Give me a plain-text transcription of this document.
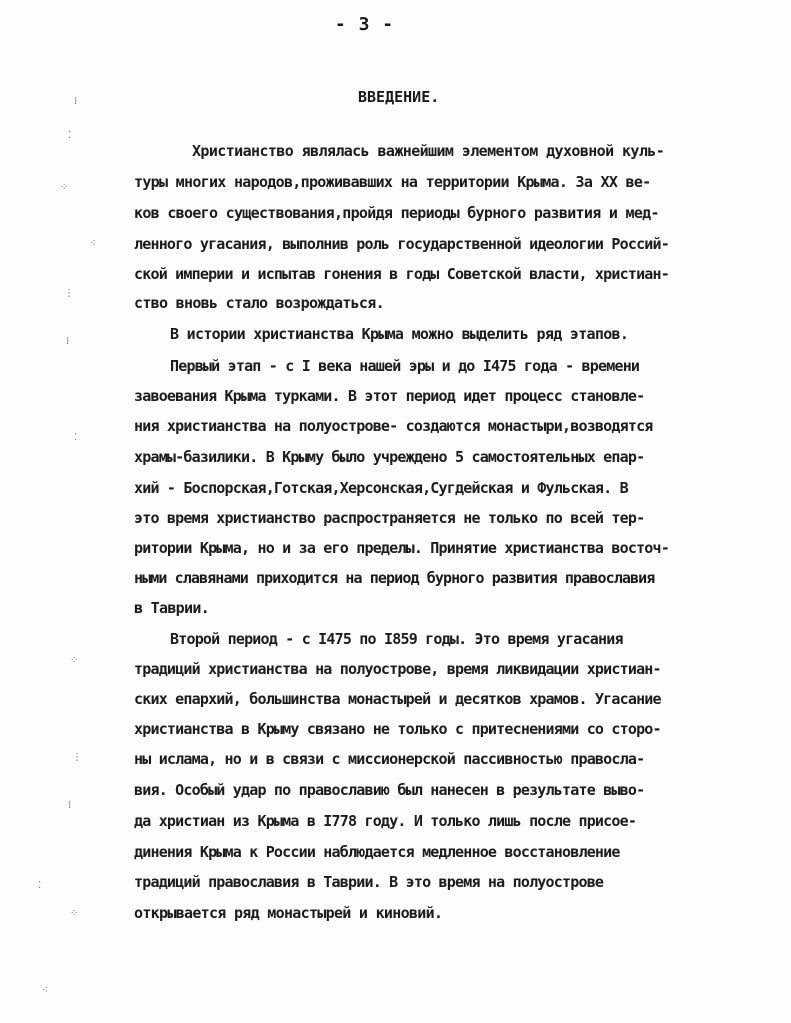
- 3 -
ВВЕДЕНИЕ.
Христианство являлась важнейшим элементом духовной куль-
туры многих народов,проживавших на территории Крыма. За XX ве-
ков своего существования,пройдя периоды бурного развития и мед-
ленного угасания, выполнив роль государственной идеологии Россий-
ской империи и испытав гонения в годы Советской власти, христиан-
ство вновь стало возрождаться.
В истории христианства Крыма можно выделить ряд этапов.
Первый этап - с I века нашей эры и до I475 года - времени
завоевания Крыма турками. В этот период идет процесс становле-
ния христианства на полуострове- создаются монастыри,возводятся
храмы-базилики. В Крыму было учреждено 5 самостоятельных епар-
хий - Боспорская,Готская,Херсонская,Сугдейская и Фульская. В
это время христианство распространяется не только по всей тер-
ритории Крыма, но и за его пределы. Принятие христианства восточ-
ными славянами приходится на период бурного развития православия
в Таврии.
Второй период - с I475 по I859 годы. Это время угасания
традиций христианства на полуострове, время ликвидации христиан-
ских епархий, большинства монастырей и десятков храмов. Угасание
христианства в Крыму связано не только с притеснениями со сторо-
ны ислама, но и в связи с миссионерской пассивностью правосла-
вия. Особый удар по православию был нанесен в результате выво-
да христиан из Крыма в I778 году. И только лишь после присое-
динения Крыма к России наблюдается медленное восстановление
традиций православия в Таврии. В это время на полуострове
открывается ряд монастырей и киновий.
⁞
⁚
⁘
⁖
⋮
⁞
⁚
⁘
⋮
⁞
⁚
⁘
⁖
